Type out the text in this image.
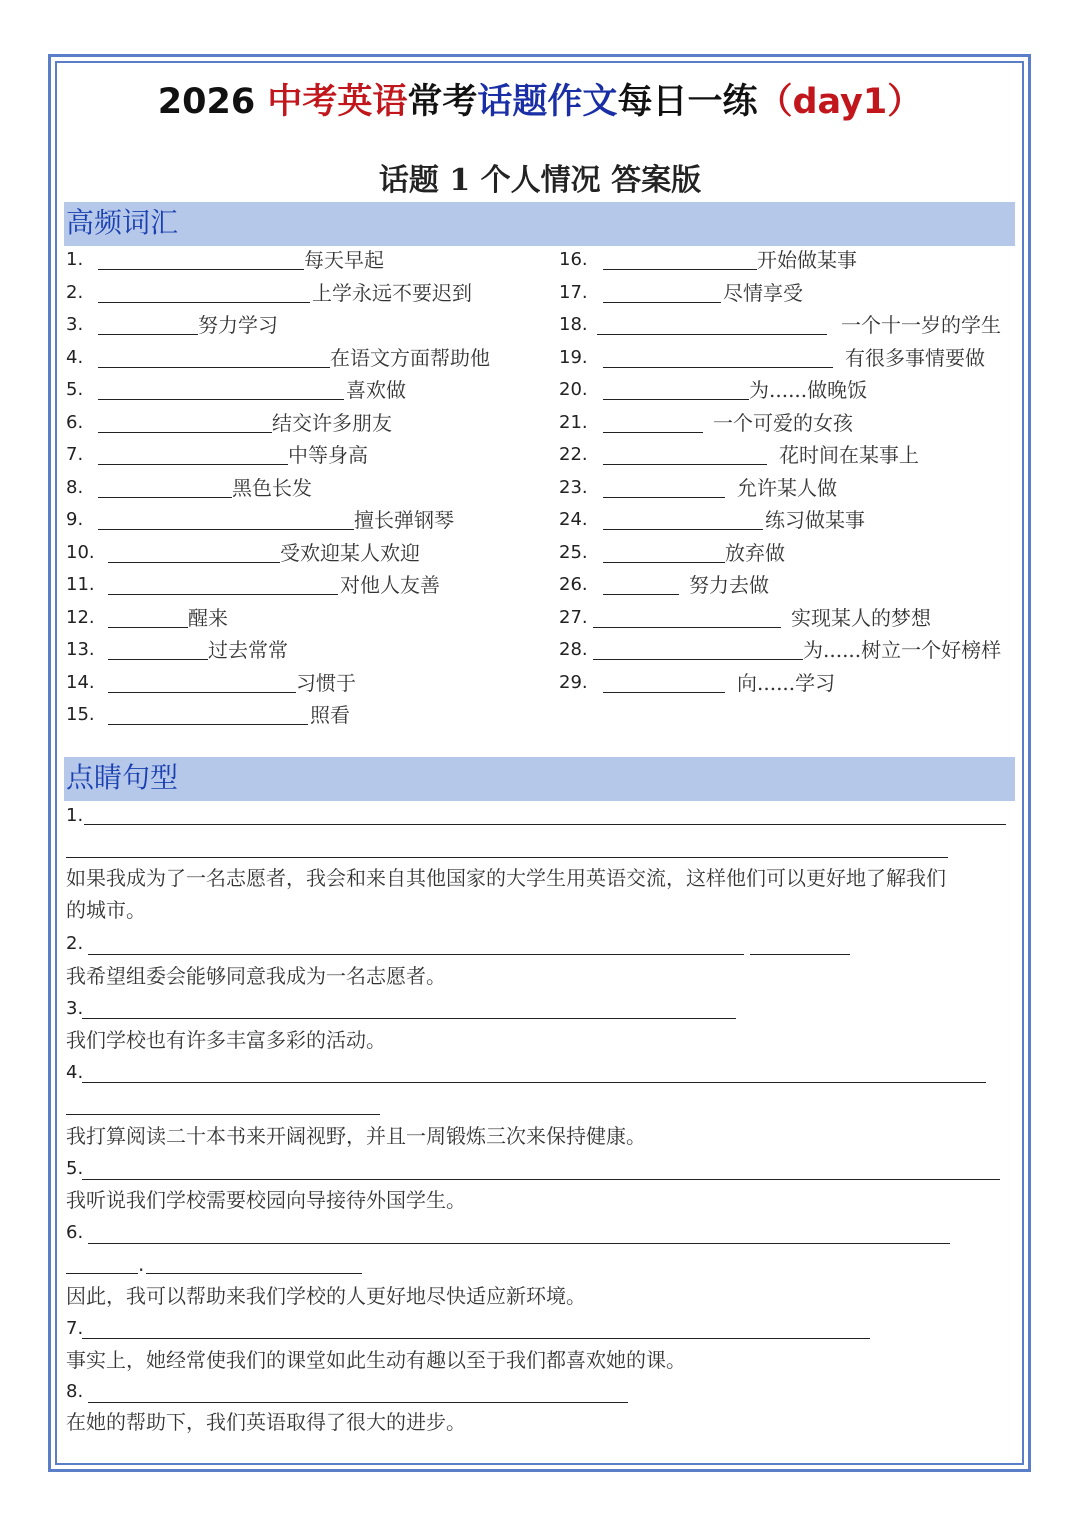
2026 中考英语常考话题作文每日一练（day1）
话题 1 个人情况 答案版
高频词汇
1.	每天早起
2.	上学永远不要迟到
3.	努力学习
4.	在语文方面帮助他
5.	喜欢做
6.	结交许多朋友
7.	中等身高
8.	黑色长发
9.	擅长弹钢琴
10.	受欢迎某人欢迎
11.	对他人友善
12.	醒来
13.	过去常常
14.	习惯于
15.	照看
16.	开始做某事
17.	尽情享受
18.	一个十一岁的学生
19.	有很多事情要做
20.	为......做晚饭
21.	一个可爱的女孩
22.	花时间在某事上
23.	允许某人做
24.	练习做某事
25.	放弃做
26.	努力去做
27.	实现某人的梦想
28.	为......树立一个好榜样
29.	向......学习
点睛句型
1.
如果我成为了一名志愿者，我会和来自其他国家的大学生用英语交流，这样他们可以更好地了解我们
的城市。
2.
我希望组委会能够同意我成为一名志愿者。
3.
我们学校也有许多丰富多彩的活动。
4.
我打算阅读二十本书来开阔视野，并且一周锻炼三次来保持健康。
5.
我听说我们学校需要校园向导接待外国学生。
6.
.
因此，我可以帮助来我们学校的人更好地尽快适应新环境。
7.
事实上，她经常使我们的课堂如此生动有趣以至于我们都喜欢她的课。
8.
在她的帮助下，我们英语取得了很大的进步。
